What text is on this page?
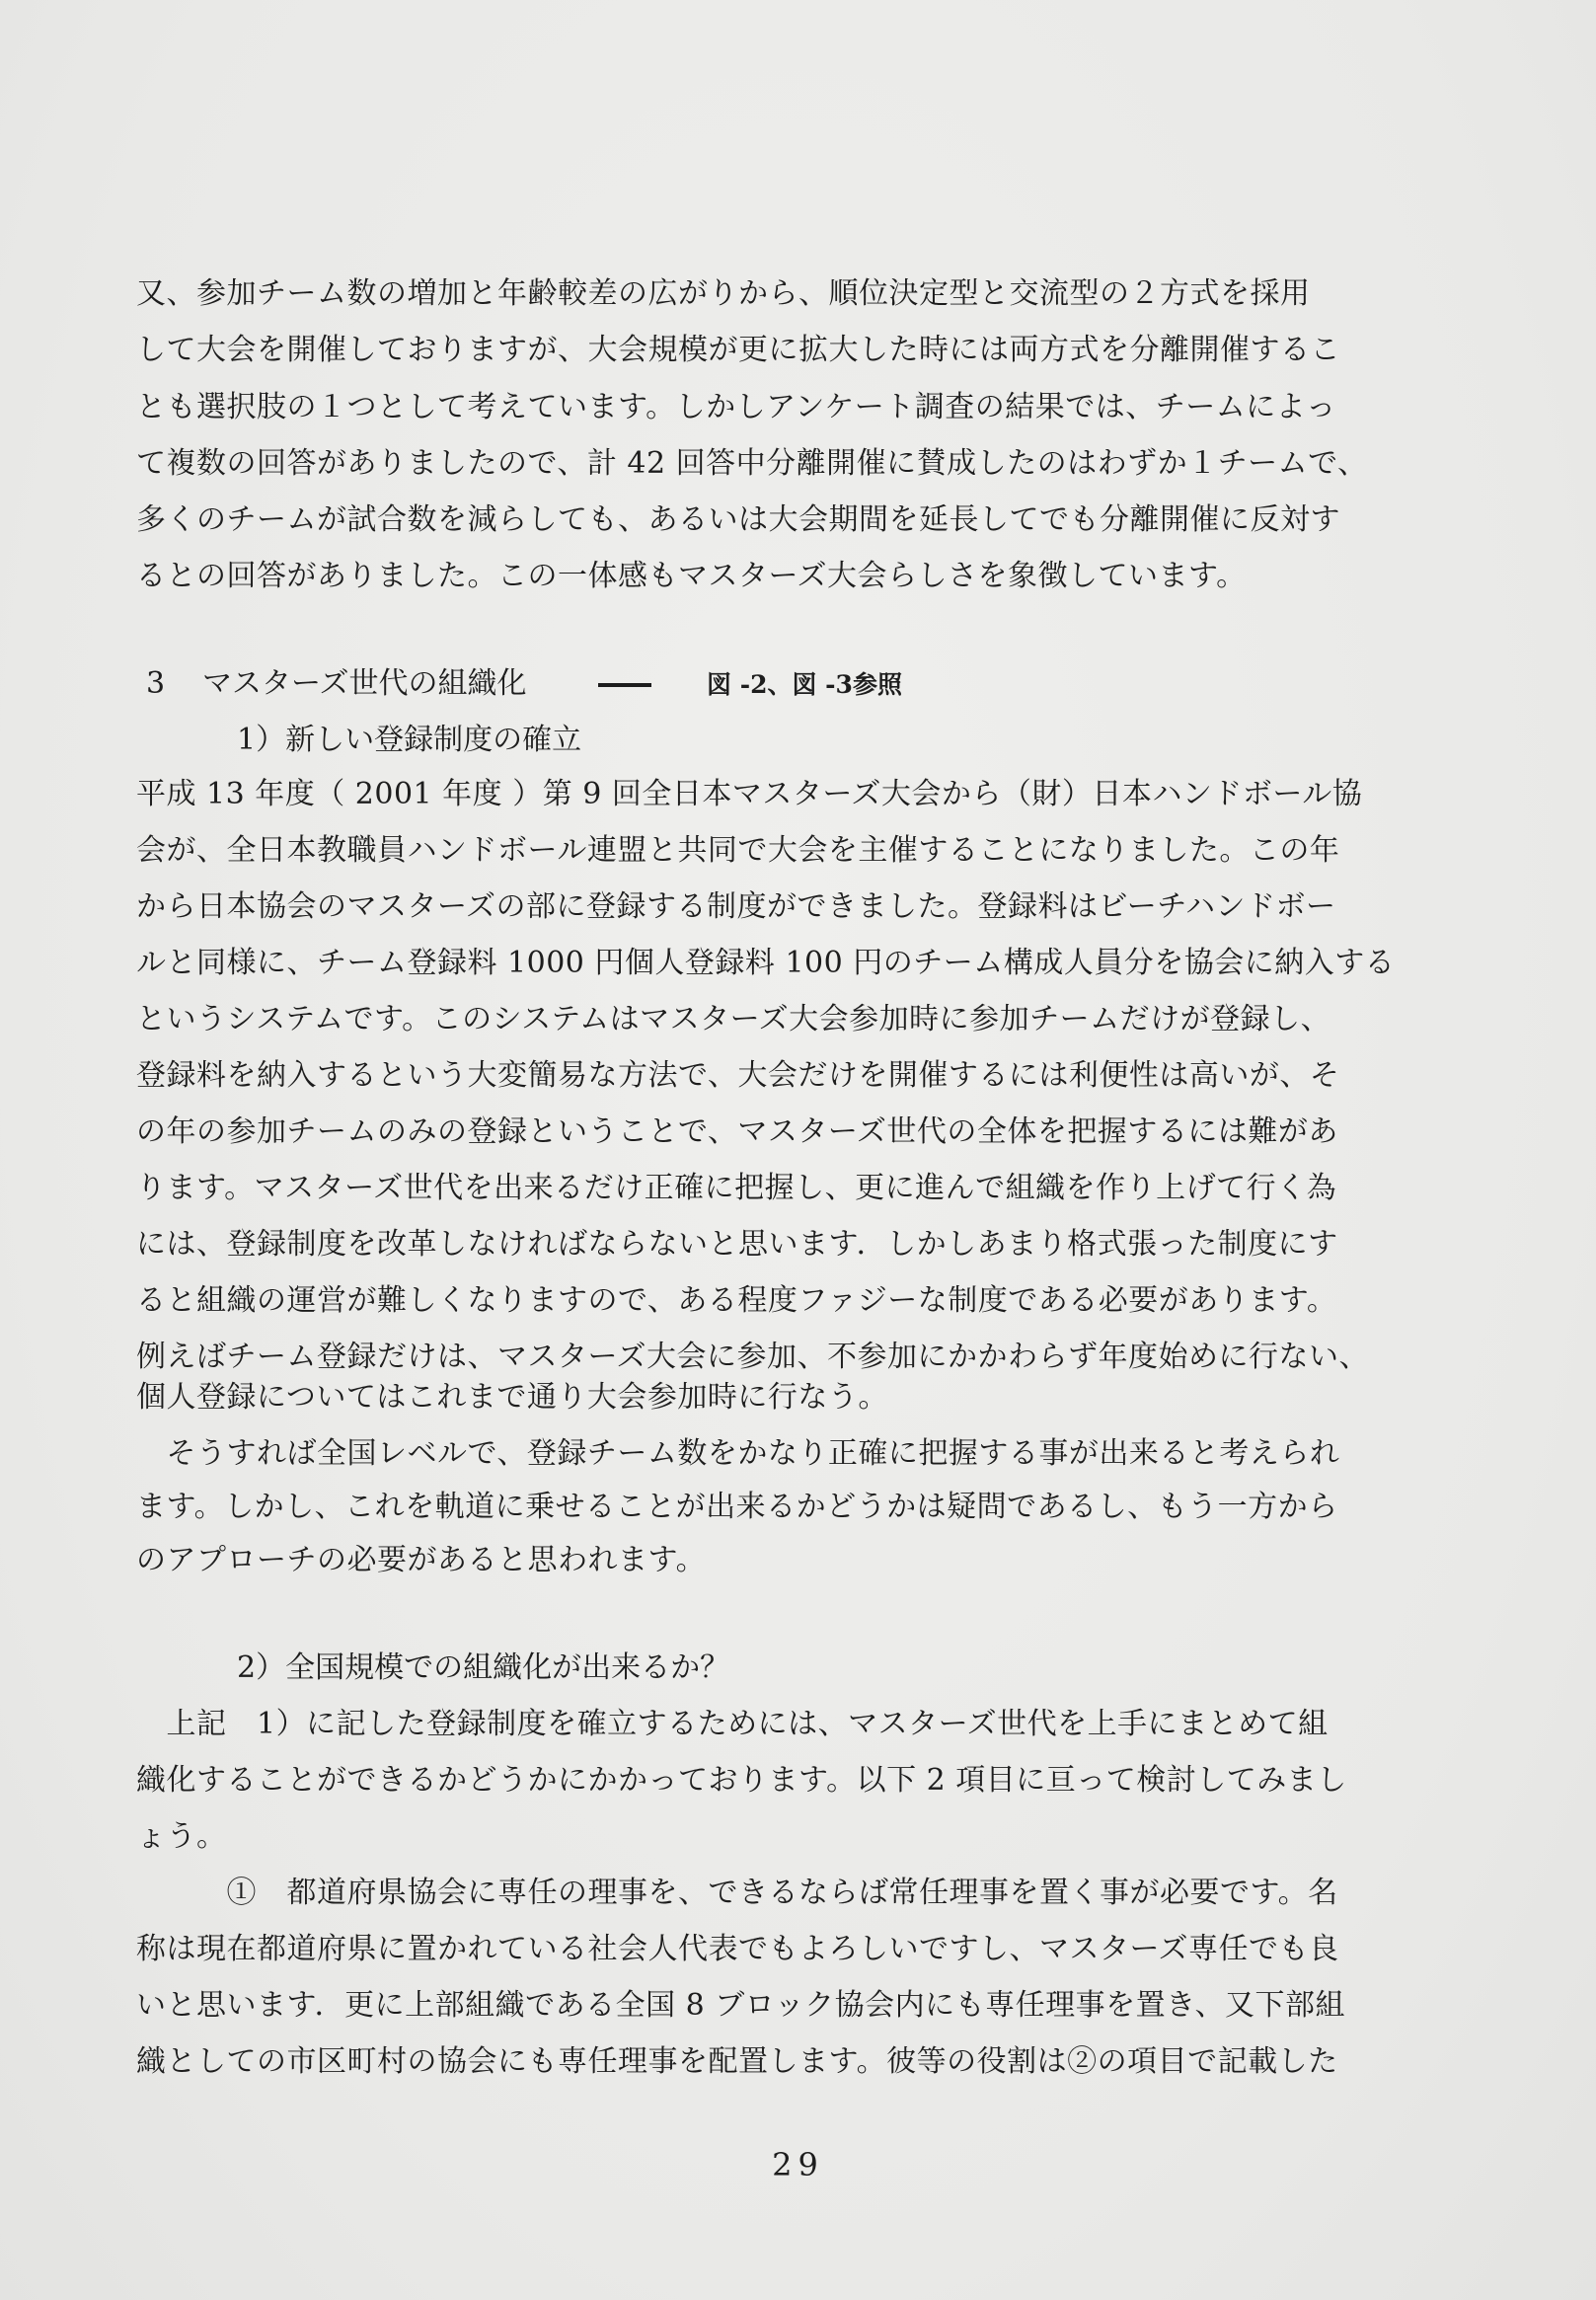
又、参加チーム数の増加と年齢較差の広がりから、順位決定型と交流型の２方式を採用
して大会を開催しておりますが、大会規模が更に拡大した時には両方式を分離開催するこ
とも選択肢の１つとして考えています。しかしアンケート調査の結果では、チームによっ
て複数の回答がありましたので、計 42 回答中分離開催に賛成したのはわずか１チームで、
多くのチームが試合数を減らしても、あるいは大会期間を延長してでも分離開催に反対す
るとの回答がありました。この一体感もマスターズ大会らしさを象徴しています。
3 マスターズ世代の組織化	図 -2、図 -3参照
1）新しい登録制度の確立
平成 13 年度（ 2001 年度 ）第 9 回全日本マスターズ大会から（財）日本ハンドボール協
会が、全日本教職員ハンドボール連盟と共同で大会を主催することになりました。この年
から日本協会のマスターズの部に登録する制度ができました。登録料はビーチハンドボー
ルと同様に、チーム登録料 1000 円個人登録料 100 円のチーム構成人員分を協会に納入する
というシステムです。このシステムはマスターズ大会参加時に参加チームだけが登録し、
登録料を納入するという大変簡易な方法で、大会だけを開催するには利便性は高いが、そ
の年の参加チームのみの登録ということで、マスターズ世代の全体を把握するには難があ
ります。マスターズ世代を出来るだけ正確に把握し、更に進んで組織を作り上げて行く為
には、登録制度を改革しなければならないと思います．しかしあまり格式張った制度にす
ると組織の運営が難しくなりますので、ある程度ファジーな制度である必要があります。
例えばチーム登録だけは、マスターズ大会に参加、不参加にかかわらず年度始めに行ない、
個人登録についてはこれまで通り大会参加時に行なう。
　そうすれば全国レベルで、登録チーム数をかなり正確に把握する事が出来ると考えられ
ます。しかし、これを軌道に乗せることが出来るかどうかは疑問であるし、もう一方から
のアプローチの必要があると思われます。
2）全国規模での組織化が出来るか？
　上記　1）に記した登録制度を確立するためには、マスターズ世代を上手にまとめて組
織化することができるかどうかにかかっております。以下 2 項目に亘って検討してみまし
ょう。
　　　①　都道府県協会に専任の理事を、できるならば常任理事を置く事が必要です。名
称は現在都道府県に置かれている社会人代表でもよろしいですし、マスターズ専任でも良
いと思います．更に上部組織である全国 8 ブロック協会内にも専任理事を置き、又下部組
織としての市区町村の協会にも専任理事を配置します。彼等の役割は②の項目で記載した
29
